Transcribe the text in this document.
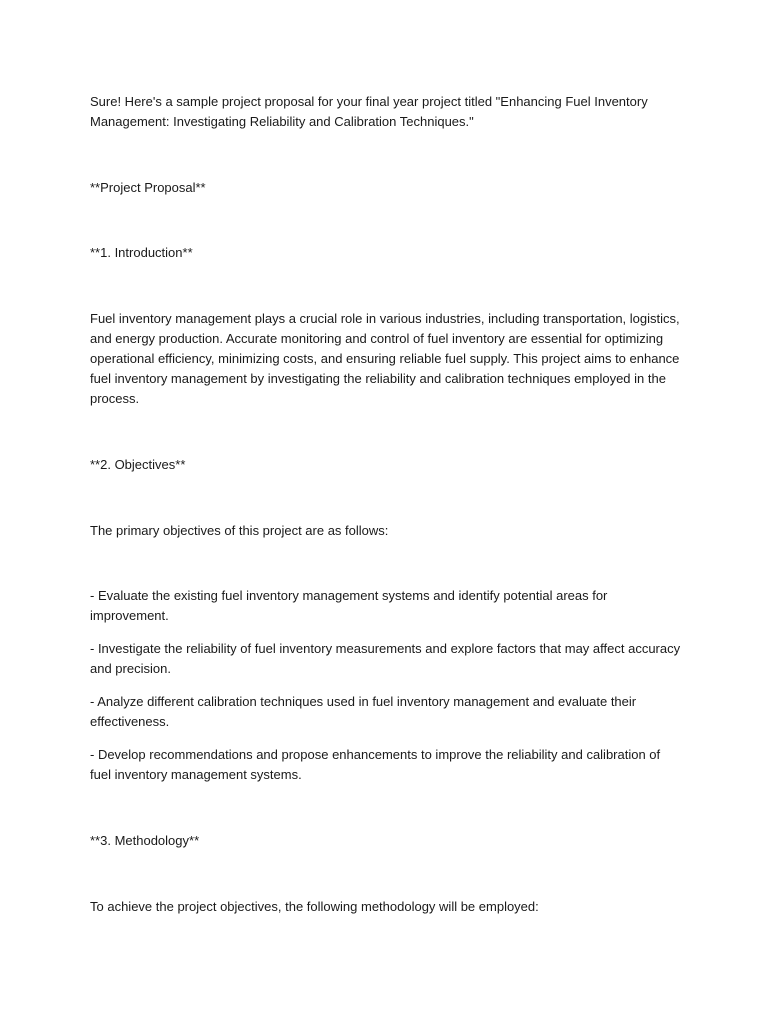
Sure! Here's a sample project proposal for your final year project titled "Enhancing Fuel Inventory Management: Investigating Reliability and Calibration Techniques."

**Project Proposal**

**1. Introduction**

Fuel inventory management plays a crucial role in various industries, including transportation, logistics, and energy production. Accurate monitoring and control of fuel inventory are essential for optimizing operational efficiency, minimizing costs, and ensuring reliable fuel supply. This project aims to enhance fuel inventory management by investigating the reliability and calibration techniques employed in the process.

**2. Objectives**

The primary objectives of this project are as follows:

- Evaluate the existing fuel inventory management systems and identify potential areas for improvement.

- Investigate the reliability of fuel inventory measurements and explore factors that may affect accuracy and precision.

- Analyze different calibration techniques used in fuel inventory management and evaluate their effectiveness.

- Develop recommendations and propose enhancements to improve the reliability and calibration of fuel inventory management systems.

**3. Methodology**

To achieve the project objectives, the following methodology will be employed:
